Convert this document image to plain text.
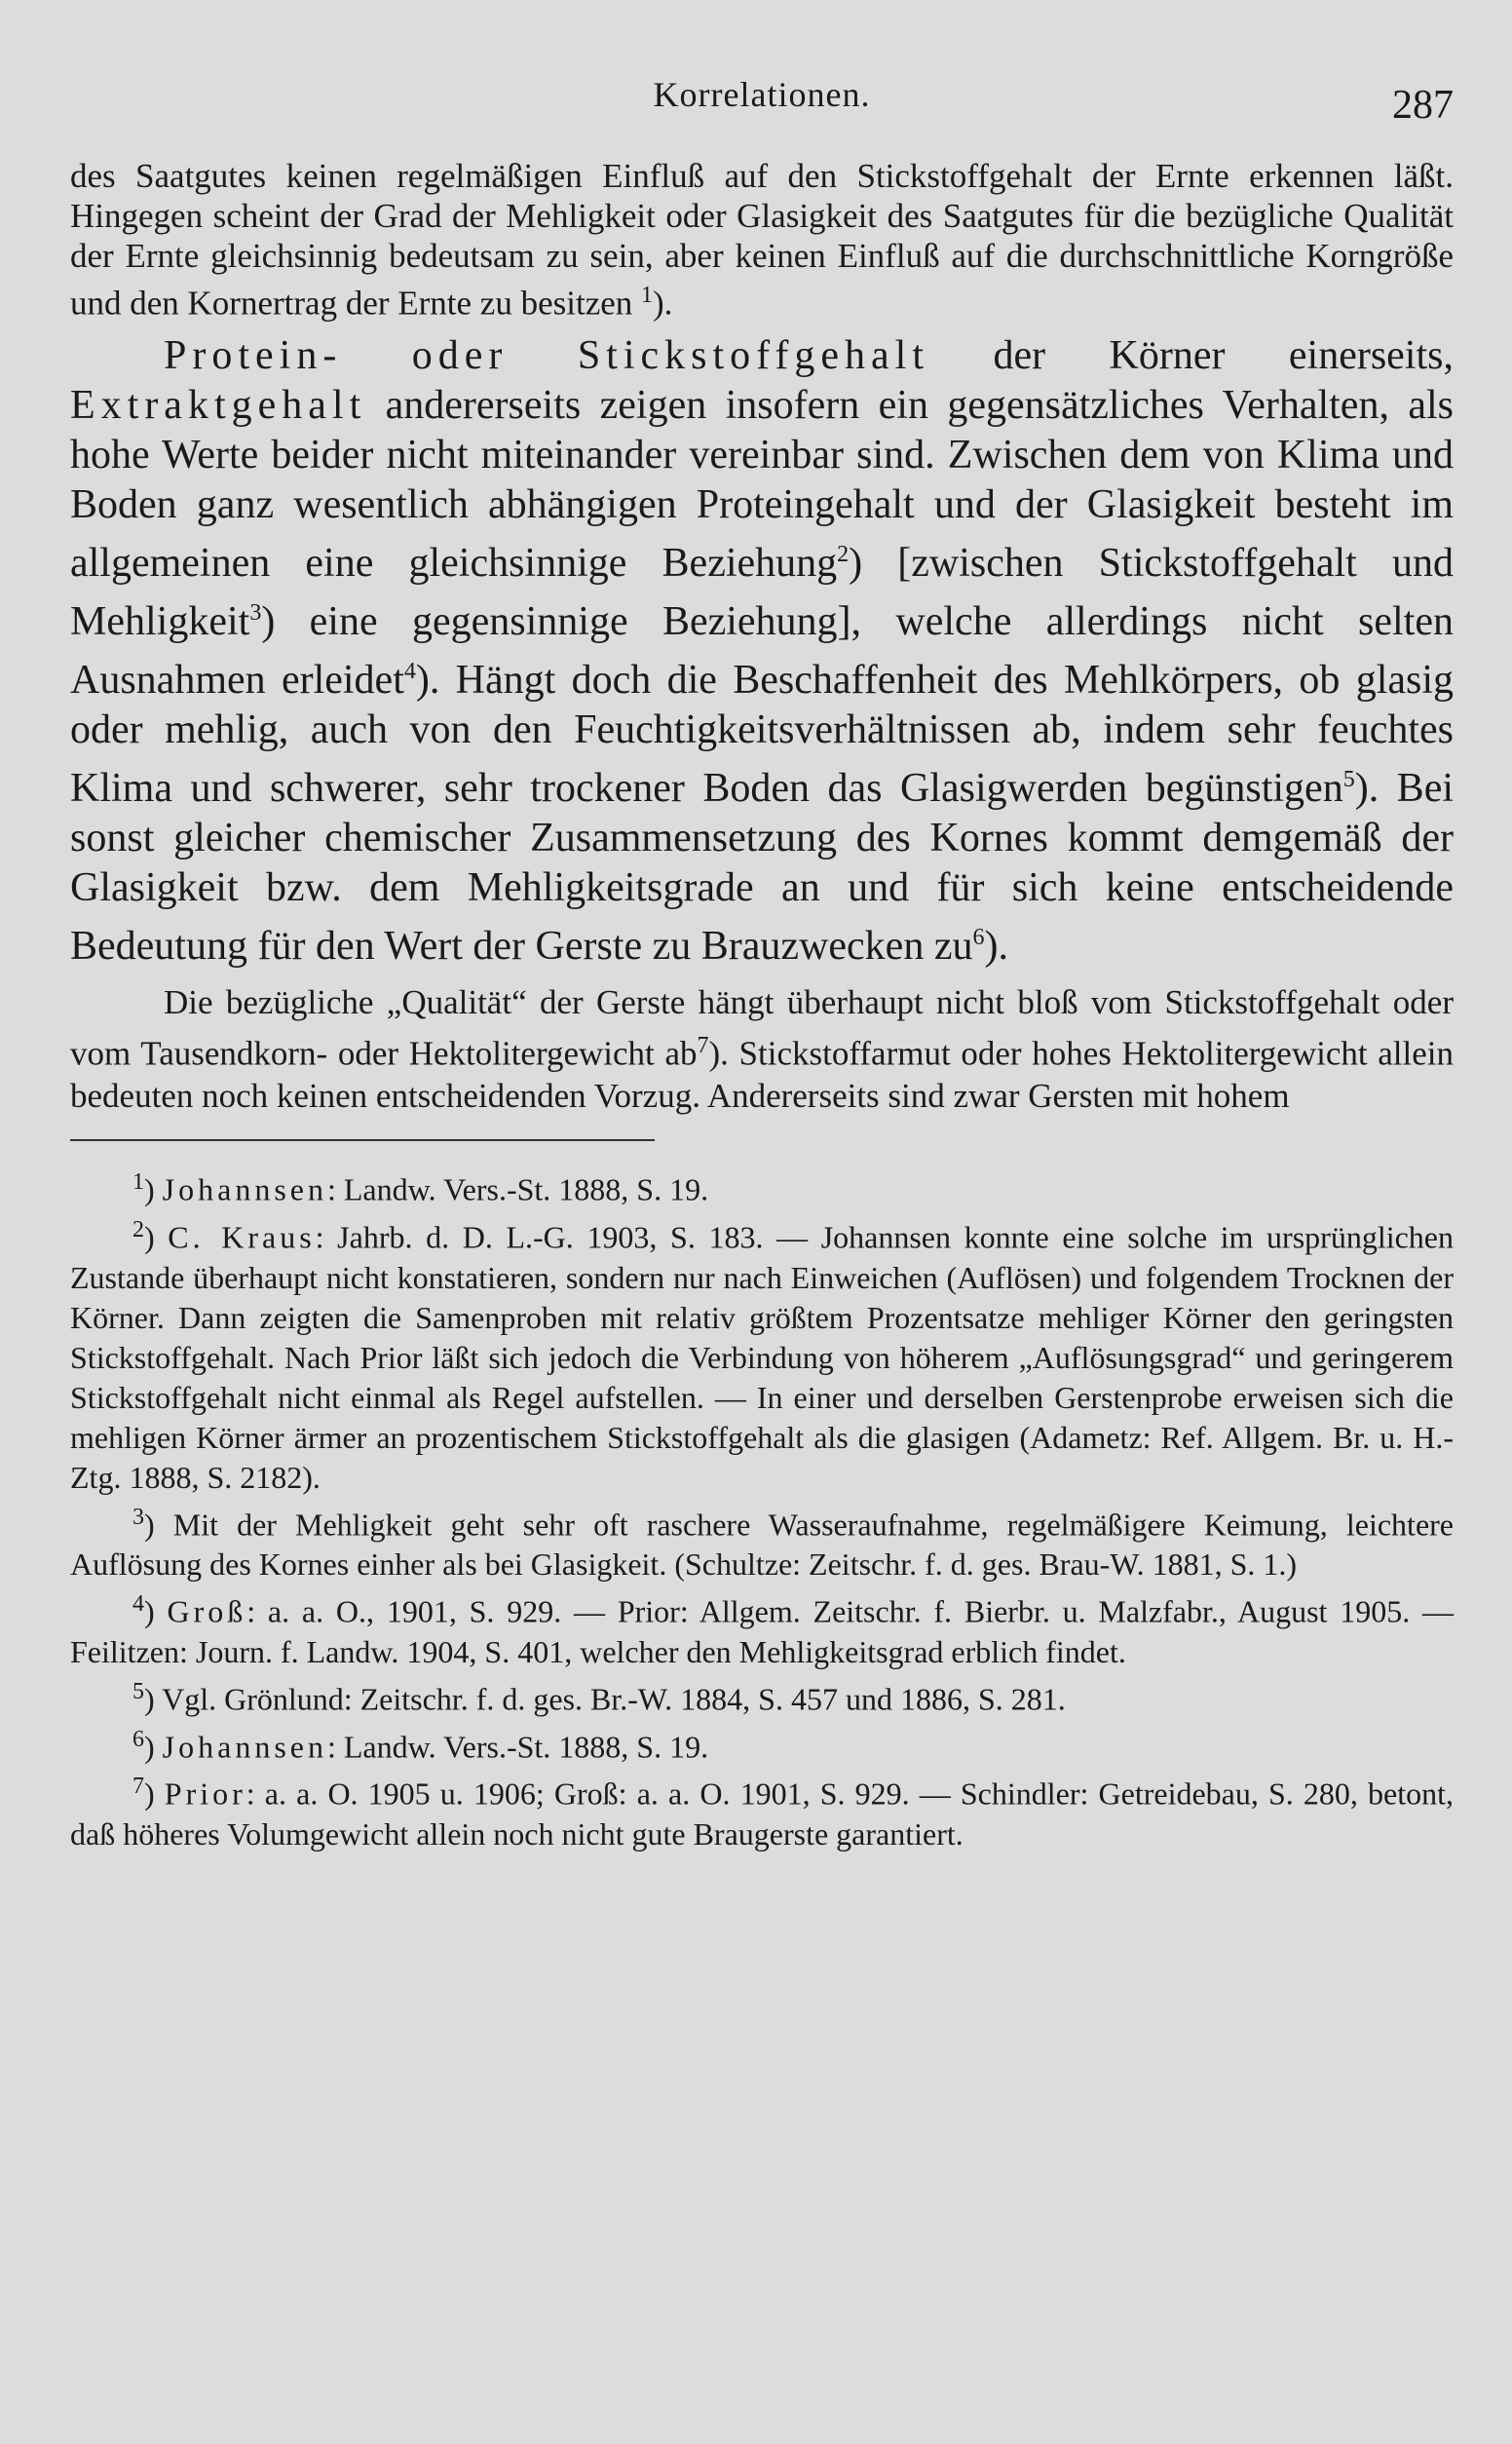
Korrelationen.	287

des Saatgutes keinen regelmäßigen Einfluß auf den Stickstoffgehalt der Ernte erkennen läßt. Hingegen scheint der Grad der Mehligkeit oder Glasigkeit des Saatgutes für die bezügliche Qualität der Ernte gleichsinnig bedeutsam zu sein, aber keinen Einfluß auf die durchschnittliche Korngröße und den Kornertrag der Ernte zu besitzen $^1$).

Protein- oder Stickstoffgehalt der Körner einerseits, Extraktgehalt andererseits zeigen insofern ein gegensätzliches Verhalten, als hohe Werte beider nicht miteinander vereinbar sind. Zwischen dem von Klima und Boden ganz wesentlich abhängigen Proteingehalt und der Glasigkeit besteht im allgemeinen eine gleichsinnige Beziehung$^2$) [zwischen Stickstoffgehalt und Mehligkeit$^3$) eine gegensinnige Beziehung], welche allerdings nicht selten Ausnahmen erleidet$^4$). Hängt doch die Beschaffenheit des Mehlkörpers, ob glasig oder mehlig, auch von den Feuchtigkeitsverhältnissen ab, indem sehr feuchtes Klima und schwerer, sehr trockener Boden das Glasigwerden begünstigen$^5$). Bei sonst gleicher chemischer Zusammensetzung des Kornes kommt demgemäß der Glasigkeit bzw. dem Mehligkeitsgrade an und für sich keine entscheidende Bedeutung für den Wert der Gerste zu Brauzwecken $zu^6$).

Die bezügliche „Qualität“ der Gerste hängt überhaupt nicht bloß vom Stickstoffgehalt oder vom Tausendkorn- oder Hektolitergewicht $ab^7$). Stickstoffarmut oder hohes Hektolitergewicht allein bedeuten noch keinen entscheidenden Vorzug. Andererseits sind zwar Gersten mit hohem

$^1$) Johannsen: Landw. Vers.-St. 1888, S. 19.

$^2$) C. Kraus: Jahrb. d. D. L.-G. 1903, S. 183. — Johannsen konnte eine solche im ursprünglichen Zustande überhaupt nicht konstatieren, sondern nur nach Einweichen (Auflösen) und folgendem Trocknen der Körner. Dann zeigten die Samenproben mit relativ größtem Prozentsatze mehliger Körner den geringsten Stickstoffgehalt. Nach Prior läßt sich jedoch die Verbindung von höherem „Auflösungsgrad“ und geringerem Stickstoffgehalt nicht einmal als Regel aufstellen. — In einer und derselben Gerstenprobe erweisen sich die mehligen Körner ärmer an prozentischem Stickstoffgehalt als die glasigen (Adametz: Ref. Allgem. Br. u. H.-Ztg. 1888, S. 2182).

$^3$) Mit der Mehligkeit geht sehr oft raschere Wasseraufnahme, regelmäßigere Keimung, leichtere Auflösung des Kornes einher als bei Glasigkeit. (Schultze: Zeitschr. f. d. ges. Brau-W. 1881, S. 1.)

$^4$) Groß: a. a. O., 1901, S. 929. — Prior: Allgem. Zeitschr. f. Bierbr. u. Malzfabr., August 1905. — Feilitzen: Journ. f. Landw. 1904, S. 401, welcher den Mehligkeitsgrad erblich findet.

$^5$) Vgl. Grönlund: Zeitschr. f. d. ges. Br.-W. 1884, S. 457 und 1886, S. 281.

$^6$) Johannsen: Landw. Vers.-St. 1888, S. 19.

$^7$) Prior: a. a. O. 1905 u. 1906; Groß: a. a. O. 1901, S. 929. — Schindler: Getreidebau, S. 280, betont, daß höheres Volumgewicht allein noch nicht gute Braugerste garantiert.
